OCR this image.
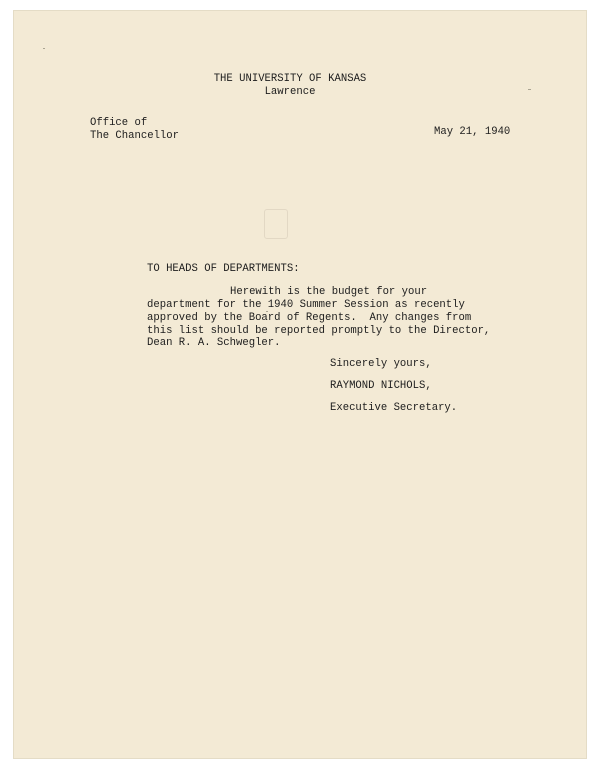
THE UNIVERSITY OF KANSAS
Lawrence
Office of
The Chancellor	May 21, 1940
TO HEADS OF DEPARTMENTS:
Herewith is the budget for your
department for the 1940 Summer Session as recently
approved by the Board of Regents.  Any changes from
this list should be reported promptly to the Director,
Dean R. A. Schwegler.
Sincerely yours,
RAYMOND NICHOLS,
Executive Secretary.
